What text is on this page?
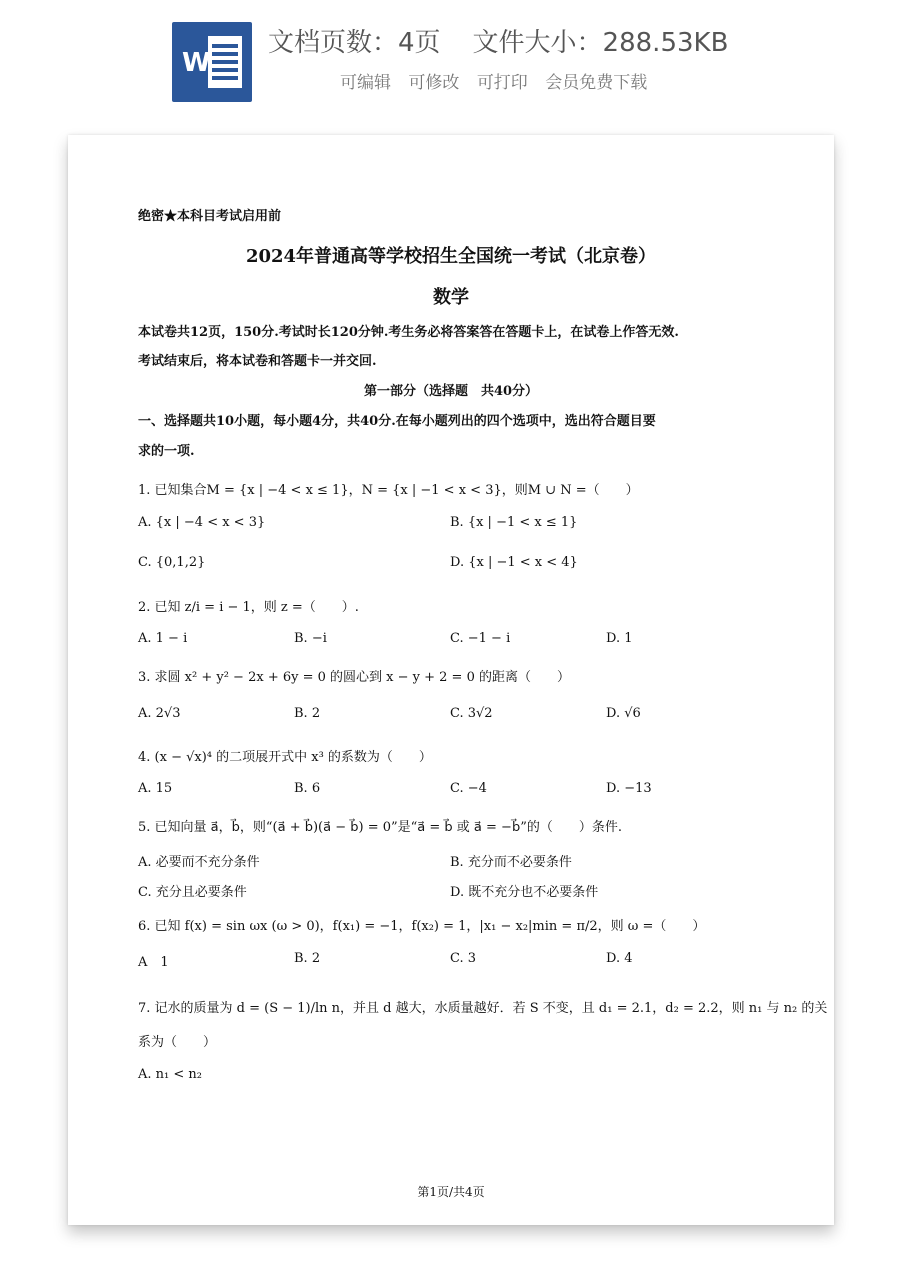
W
文档页数：4页 文件大小：288.53KB
可编辑 可修改 可打印 会员免费下载
绝密★本科目考试启用前
2024年普通高等学校招生全国统一考试（北京卷）
数学
本试卷共12页，150分.考试时长120分钟.考生务必将答案答在答题卡上，在试卷上作答无效.
考试结束后，将本试卷和答题卡一并交回.
第一部分（选择题　共40分）
一、选择题共10小题，每小题4分，共40分.在每小题列出的四个选项中，选出符合题目要
求的一项.
1. 已知集合M = {x | −4 < x ≤ 1}，N = {x | −1 < x < 3}，则M ∪ N =（　　）
A. {x | −4 < x < 3}	B. {x | −1 < x ≤ 1}
C. {0,1,2}	D. {x | −1 < x < 4}
2. 已知 z/i = i − 1，则 z =（　　）.
A. 1 − i	B. −i	C. −1 − i	D. 1
3. 求圆 x² + y² − 2x + 6y = 0 的圆心到 x − y + 2 = 0 的距离（　　）
A. 2√3	B. 2	C. 3√2	D. √6
4. (x − √x)⁴ 的二项展开式中 x³ 的系数为（　　）
A. 15	B. 6	C. −4	D. −13
5. 已知向量 a⃗，b⃗，则“(a⃗ + b⃗)(a⃗ − b⃗) = 0”是“a⃗ = b⃗ 或 a⃗ = −b⃗”的（　　）条件.
A. 必要而不充分条件	B. 充分而不必要条件
C. 充分且必要条件	D. 既不充分也不必要条件
6. 已知 f(x) = sin ωx (ω > 0)，f(x₁) = −1，f(x₂) = 1，|x₁ − x₂|min = π/2，则 ω =（　　）
A　1	B. 2	C. 3	D. 4
7. 记水的质量为 d = (S − 1)/ln n，并且 d 越大，水质量越好．若 S 不变，且 d₁ = 2.1，d₂ = 2.2，则 n₁ 与 n₂ 的关
系为（　　）
A. n₁ < n₂
第1页/共4页
